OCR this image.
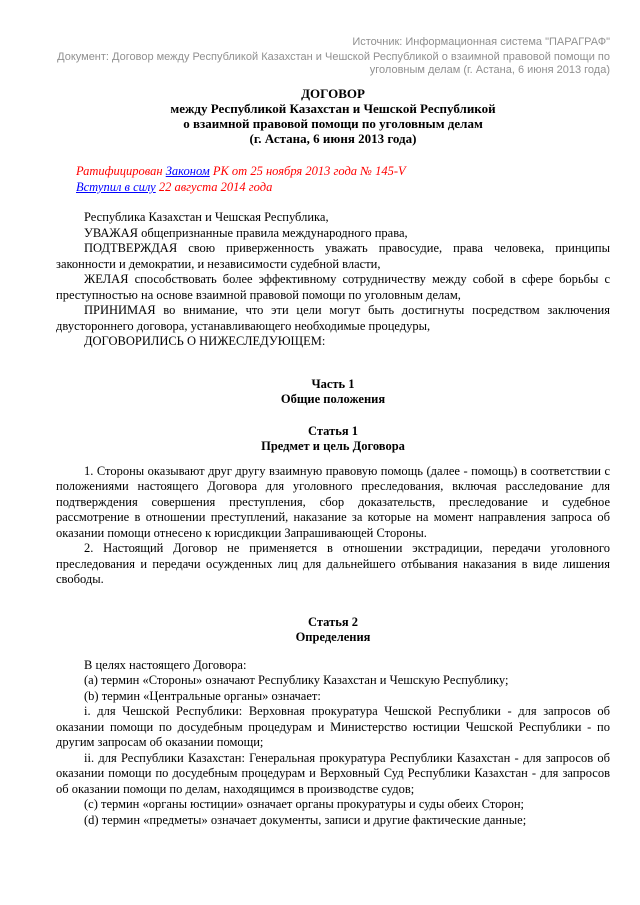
Источник: Информационная система "ПАРАГРАФ"
Документ: Договор между Республикой Казахстан и Чешской Республикой о взаимной правовой помощи по уголовным делам (г. Астана, 6 июня 2013 года)
ДОГОВОР
между Республикой Казахстан и Чешской Республикой
о взаимной правовой помощи по уголовным делам
(г. Астана, 6 июня 2013 года)
Ратифицирован Законом РК от 25 ноября 2013 года № 145-V
Вступил в силу 22 августа 2014 года

Республика Казахстан и Чешская Республика,

УВАЖАЯ общепризнанные правила международного права,

ПОДТВЕРЖДАЯ свою приверженность уважать правосудие, права человека, принципы законности и демократии, и независимости судебной власти,

ЖЕЛАЯ способствовать более эффективному сотрудничеству между собой в сфере борьбы с преступностью на основе взаимной правовой помощи по уголовным делам,

ПРИНИМАЯ во внимание, что эти цели могут быть достигнуты посредством заключения двустороннего договора, устанавливающего необходимые процедуры,

ДОГОВОРИЛИСЬ О НИЖЕСЛЕДУЮЩЕМ:

Часть 1
Общие положения
Статья 1
Предмет и цель Договора

1. Стороны оказывают друг другу взаимную правовую помощь (далее - помощь) в соответствии с положениями настоящего Договора для уголовного преследования, включая расследование для подтверждения совершения преступления, сбор доказательств, преследование и судебное рассмотрение в отношении преступлений, наказание за которые на момент направления запроса об оказании помощи отнесено к юрисдикции Запрашивающей Стороны.

2. Настоящий Договор не применяется в отношении экстрадиции, передачи уголовного преследования и передачи осужденных лиц для дальнейшего отбывания наказания в виде лишения свободы.

Статья 2
Определения

В целях настоящего Договора:

(a) термин «Стороны» означают Республику Казахстан и Чешскую Республику;

(b) термин «Центральные органы» означает:

i. для Чешской Республики: Верховная прокуратура Чешской Республики - для запросов об оказании помощи по досудебным процедурам и Министерство юстиции Чешской Республики - по другим запросам об оказании помощи;

ii. для Республики Казахстан: Генеральная прокуратура Республики Казахстан - для запросов об оказании помощи по досудебным процедурам и Верховный Суд Республики Казахстан - для запросов об оказании помощи по делам, находящимся в производстве судов;

(c) термин «органы юстиции» означает органы прокуратуры и суды обеих Сторон;

(d) термин «предметы» означает документы, записи и другие фактические данные;
